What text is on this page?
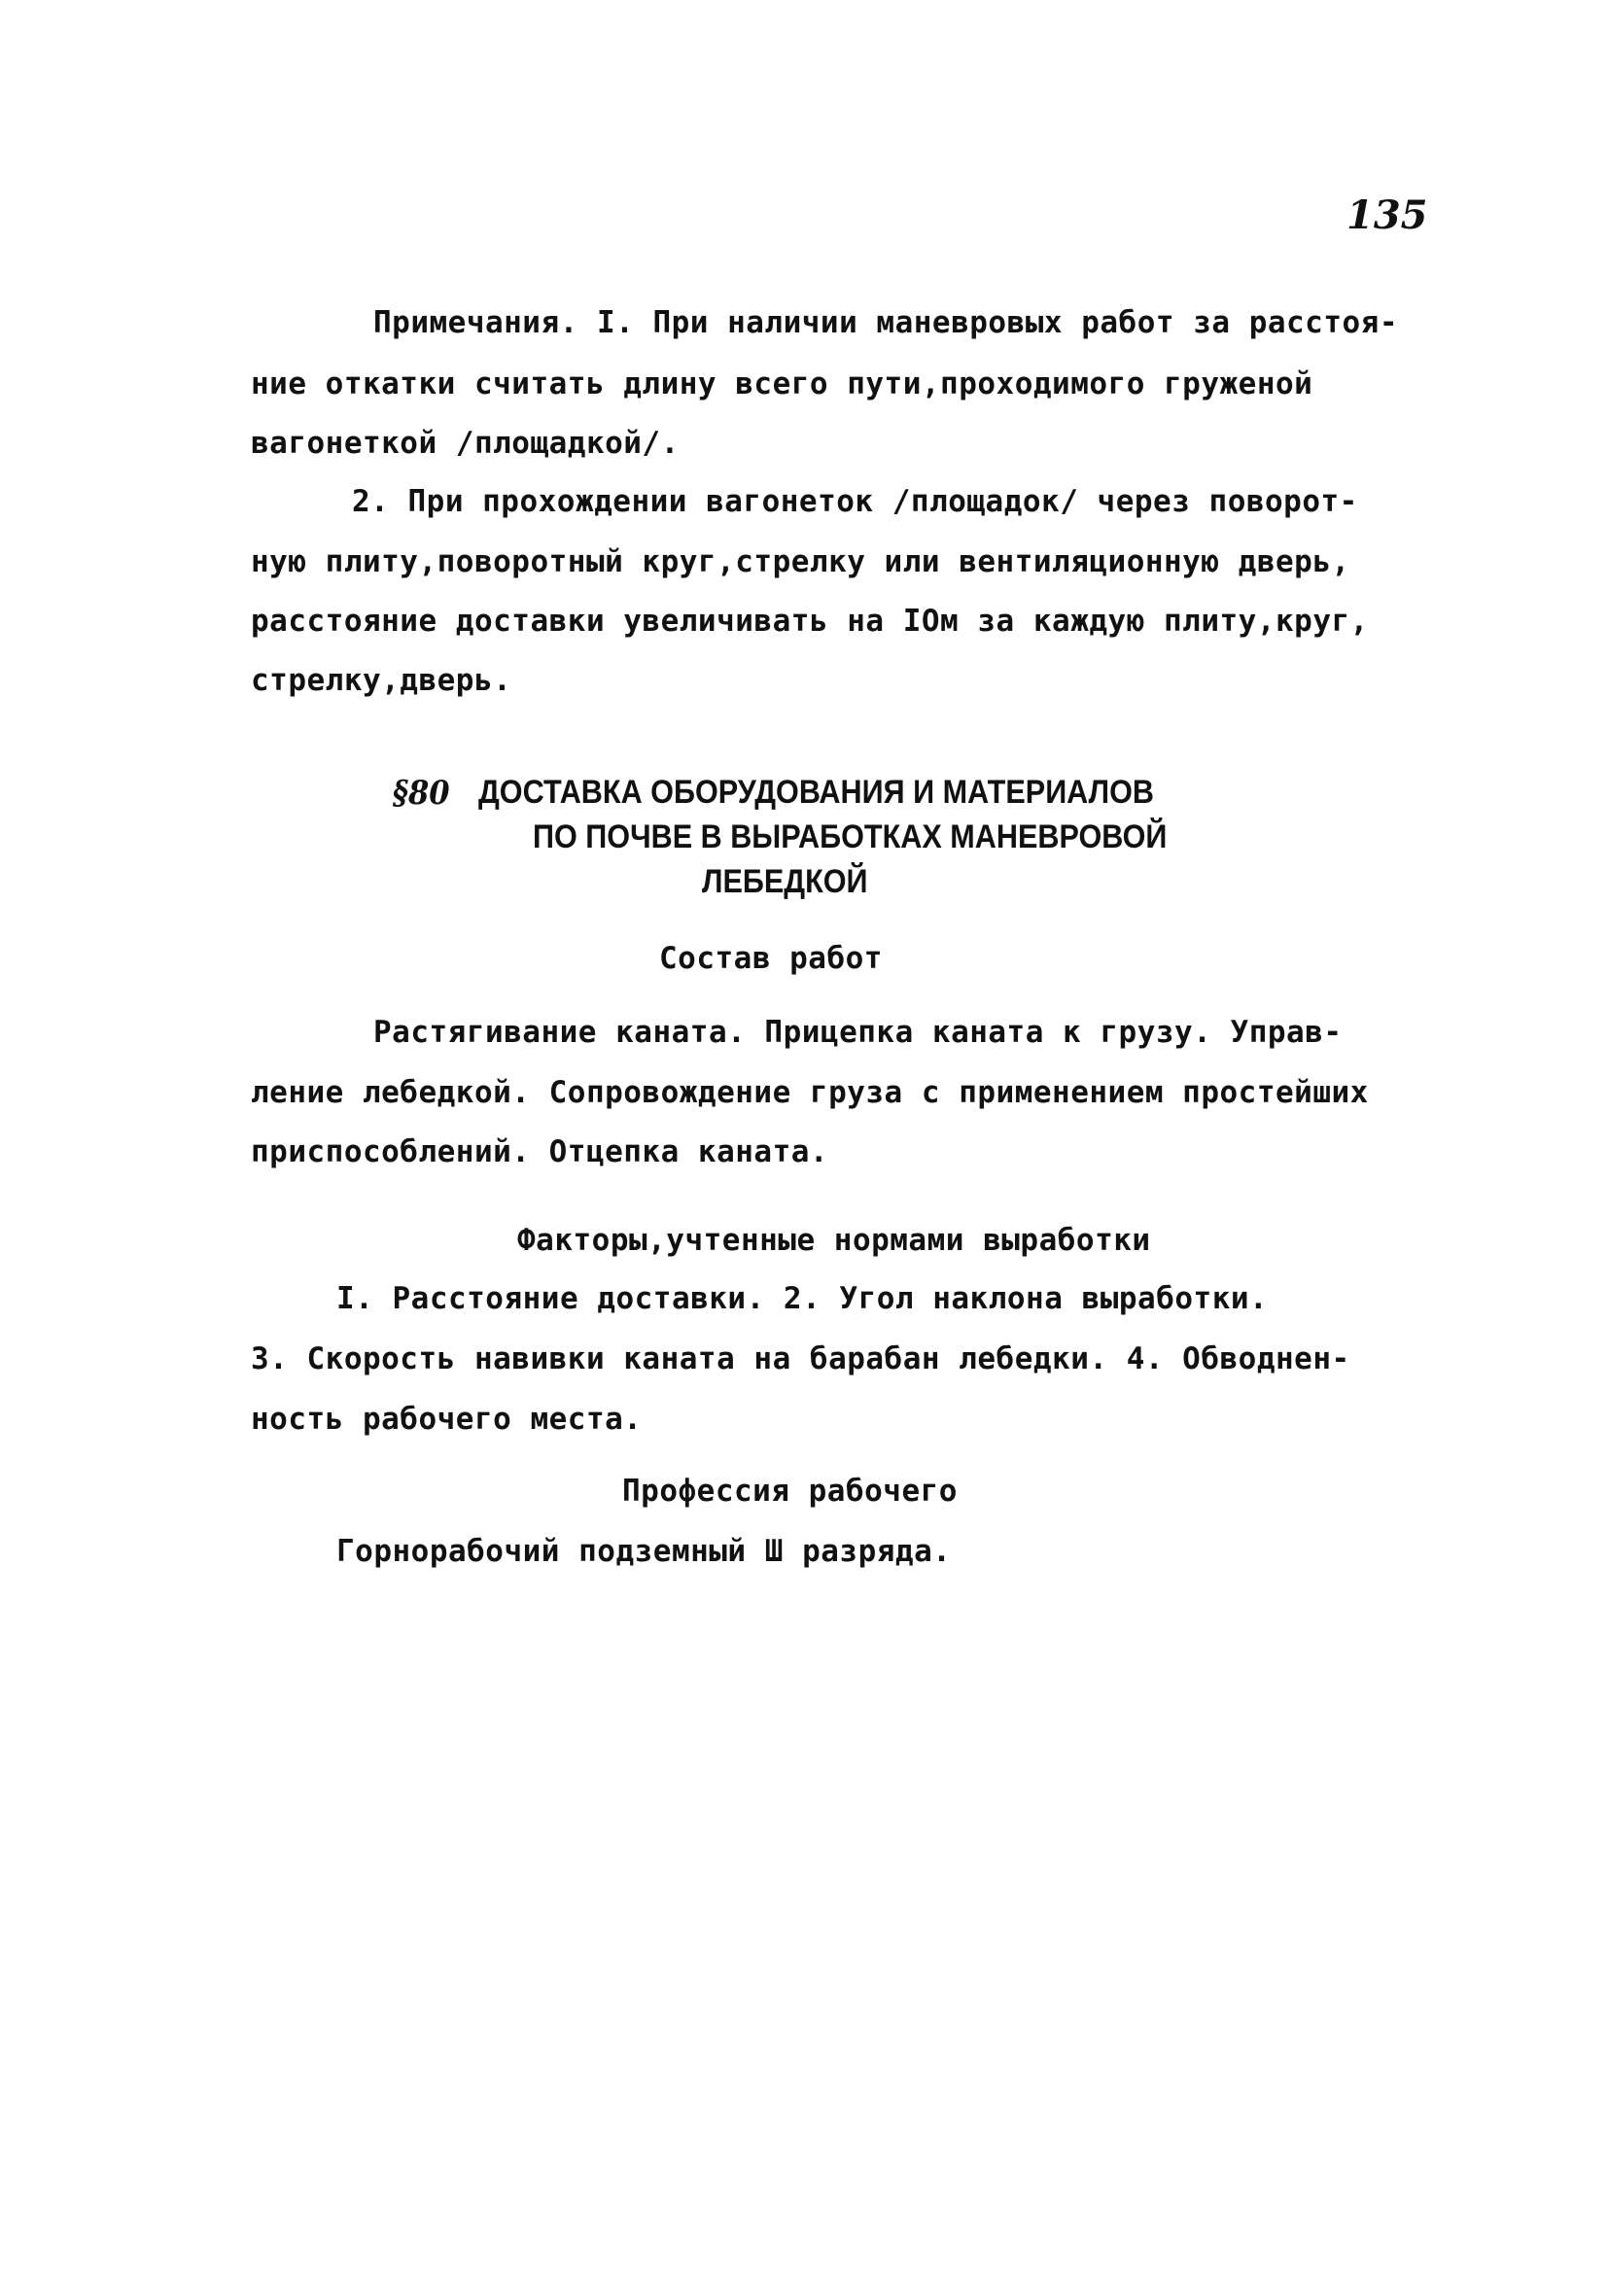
135
Примечания. I. При наличии маневровых работ за расстоя-
ние откатки считать длину всего пути,проходимого груженой
вагонеткой /площадкой/.
2. При прохождении вагонеток /площадок/ через поворот-
ную плиту,поворотный круг,стрелку или вентиляционную дверь,
расстояние доставки увеличивать на IOм за каждую плиту,круг,
стрелку,дверь.
§80 ДОСТАВКА ОБОРУДОВАНИЯ И МАТЕРИАЛОВ
ПО ПОЧВЕ В ВЫРАБОТКАХ МАНЕВРОВОЙ
ЛЕБЕДКОЙ
Состав работ
Растягивание каната. Прицепка каната к грузу. Управ-
ление лебедкой. Сопровождение груза с применением простейших
приспособлений. Отцепка каната.
Факторы,учтенные нормами выработки
I. Расстояние доставки. 2. Угол наклона выработки.
3. Скорость навивки каната на барабан лебедки. 4. Обводнен-
ность рабочего места.
Профессия рабочего
Горнорабочий подземный Ш разряда.
